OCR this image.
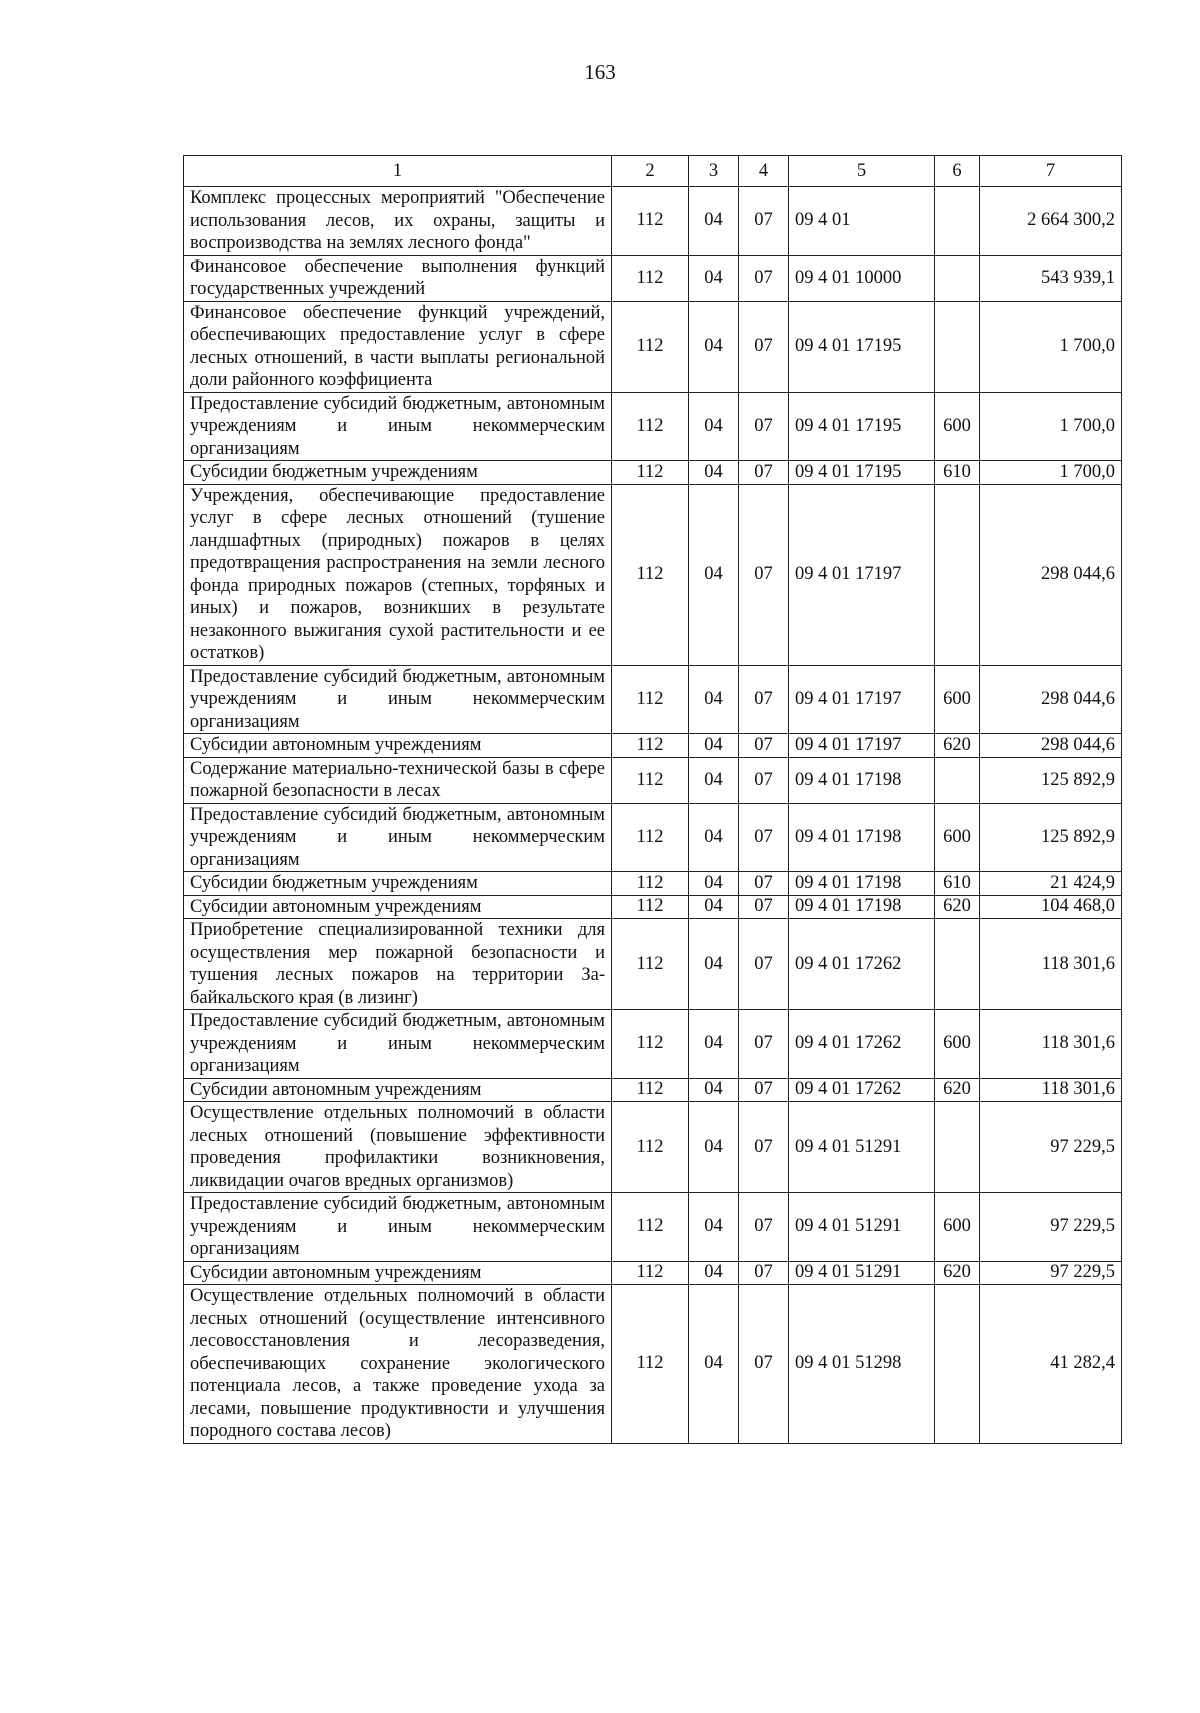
163
1	2	3	4	5	6	7
Комплекс процессных мероприятий "Обеспечение использования лесов, их охраны, защиты и воспроизводства на землях лесного фонда"	112	04	07	09 4 01		2 664 300,2
Финансовое обеспечение выполнения функций государственных учреждений	112	04	07	09 4 01 10000		543 939,1
Финансовое обеспечение функций учреждений, обеспечивающих предоставление услуг в сфере лесных отношений, в части выплаты региональной доли районного коэффициента	112	04	07	09 4 01 17195		1 700,0
Предоставление субсидий бюджетным, автономным учреждениям и иным некоммерческим организациям	112	04	07	09 4 01 17195	600	1 700,0
Субсидии бюджетным учреждениям	112	04	07	09 4 01 17195	610	1 700,0
Учреждения, обеспечивающие предоставление услуг в сфере лесных отношений (тушение ландшафтных (природных) пожаров в целях предотвращения распространения на земли лесного фонда природных пожаров (степных, торфяных и иных) и пожаров, возникших в результате незаконного выжигания сухой растительности и ее остатков)	112	04	07	09 4 01 17197		298 044,6
Предоставление субсидий бюджетным, автономным учреждениям и иным некоммерческим организациям	112	04	07	09 4 01 17197	600	298 044,6
Субсидии автономным учреждениям	112	04	07	09 4 01 17197	620	298 044,6
Содержание материально-технической базы в сфере пожарной безопасности в лесах	112	04	07	09 4 01 17198		125 892,9
Предоставление субсидий бюджетным, автономным учреждениям и иным некоммерческим организациям	112	04	07	09 4 01 17198	600	125 892,9
Субсидии бюджетным учреждениям	112	04	07	09 4 01 17198	610	21 424,9
Субсидии автономным учреждениям	112	04	07	09 4 01 17198	620	104 468,0
Приобретение специализированной техники для осуществления мер пожарной безопасности и тушения лесных пожаров на территории Забайкальского края (в лизинг)	112	04	07	09 4 01 17262		118 301,6
Предоставление субсидий бюджетным, автономным учреждениям и иным некоммерческим организациям	112	04	07	09 4 01 17262	600	118 301,6
Субсидии автономным учреждениям	112	04	07	09 4 01 17262	620	118 301,6
Осуществление отдельных полномочий в области лесных отношений (повышение эффективности проведения профилактики возникновения, ликвидации очагов вредных организмов)	112	04	07	09 4 01 51291		97 229,5
Предоставление субсидий бюджетным, автономным учреждениям и иным некоммерческим организациям	112	04	07	09 4 01 51291	600	97 229,5
Субсидии автономным учреждениям	112	04	07	09 4 01 51291	620	97 229,5
Осуществление отдельных полномочий в области лесных отношений (осуществление интенсивного лесовосстановления и лесоразведения, обеспечивающих сохранение экологического потенциала лесов, а также проведение ухода за лесами, повышение продуктивности и улучшения породного состава лесов)	112	04	07	09 4 01 51298		41 282,4
